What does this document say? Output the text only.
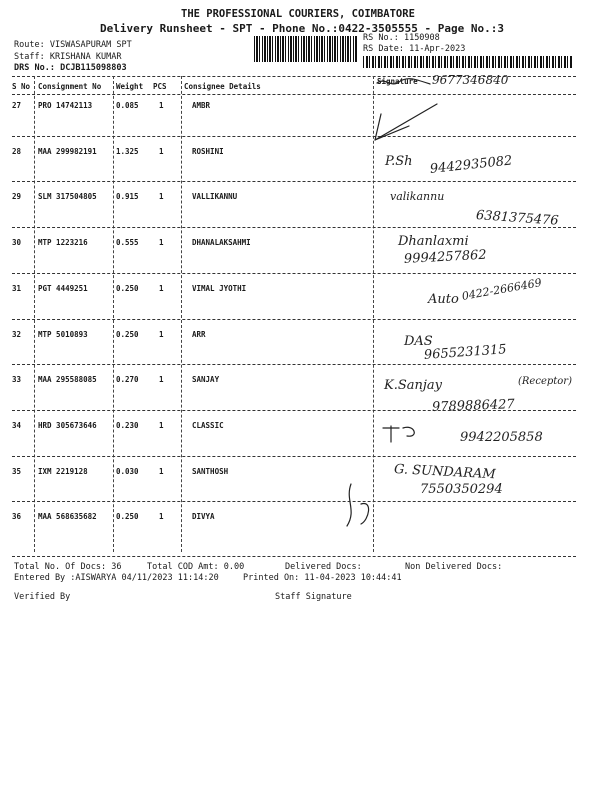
THE PROFESSIONAL COURIERS, COIMBATORE
Delivery Runsheet - SPT - Phone No.:0422-3505555 - Page No.:3
Route: VISWASAPURAM SPT
Staff: KRISHANA KUMAR
DRS No.: DCJB115098803
RS No.: 1150908
RS Date: 11-Apr-2023
S No Consignment No Weight PCS Consignee Details
Signature
27 PRO 14742113	0.085	1	AMBR
28 MAA 299982191	1.325	1	ROSHINI
29 SLM 317504805	0.915	1	VALLIKANNU
30 MTP 1223216	0.555	1	DHANALAKSAHMI
31 PGT 4449251	0.250	1	VIMAL JYOTHI
32 MTP 5010893	0.250	1	ARR
33 MAA 295588085	0.270	1	SANJAY
34 HRD 305673646	0.230	1	CLASSIC
35 IXM 2219128	0.030	1	SANTHOSH
36 MAA 568635682	0.250	1	DIVYA
9677346840
P.Sh 9442935082
valikannu
6381375476
Dhanlaxmi
9994257862
Auto 0422-2666469
DAS
9655231315
K.Sanjay	(Receptor)
9789886427
9942205858
G. SUNDARAM
7550350294
Total No. Of Docs: 36	Total COD Amt: 0.00	Delivered Docs:	Non Delivered Docs:
Entered By :AISWARYA 04/11/2023 11:14:20	Printed On: 11-04-2023 10:44:41
Verified By	Staff Signature
